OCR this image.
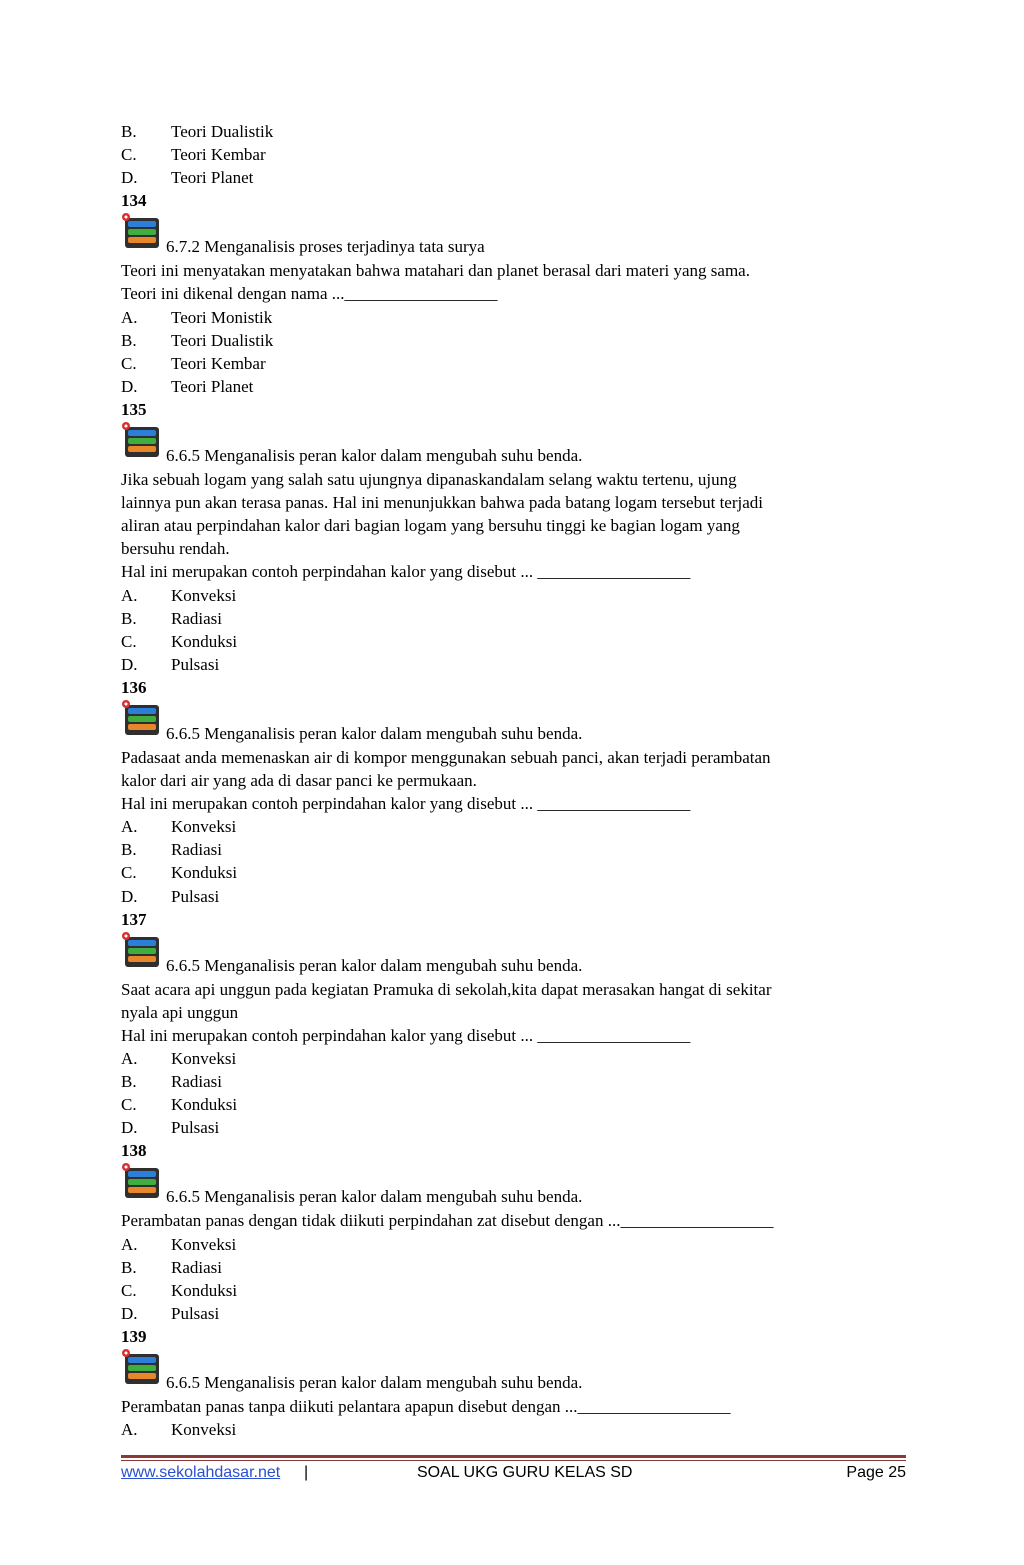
B.	Teori Dualistik
C.	Teori Kembar
D.	Teori Planet
134
6.7.2 Menganalisis proses terjadinya tata surya
Teori ini menyatakan menyatakan bahwa matahari dan planet berasal dari materi yang sama.
Teori ini dikenal dengan nama ...__________________
A.	Teori Monistik
B.	Teori Dualistik
C.	Teori Kembar
D.	Teori Planet
135
6.6.5 Menganalisis peran kalor dalam mengubah suhu benda.
Jika sebuah logam yang salah satu ujungnya dipanaskandalam selang waktu tertenu, ujung
lainnya pun akan terasa panas. Hal ini menunjukkan bahwa pada batang logam tersebut terjadi
aliran atau perpindahan kalor dari bagian logam yang bersuhu tinggi ke bagian logam yang
bersuhu rendah.
Hal ini merupakan contoh perpindahan kalor yang disebut ... __________________
A.	Konveksi
B.	Radiasi
C.	Konduksi
D.	Pulsasi
136
6.6.5 Menganalisis peran kalor dalam mengubah suhu benda.
Padasaat anda memenaskan air di kompor menggunakan sebuah panci, akan terjadi perambatan
kalor dari air yang ada di dasar panci ke permukaan.
Hal ini merupakan contoh perpindahan kalor yang disebut ... __________________
A.	Konveksi
B.	Radiasi
C.	Konduksi
D.	Pulsasi
137
6.6.5 Menganalisis peran kalor dalam mengubah suhu benda.
Saat acara api unggun pada kegiatan Pramuka di sekolah,kita dapat merasakan hangat di sekitar
nyala api unggun
Hal ini merupakan contoh perpindahan kalor yang disebut ... __________________
A.	Konveksi
B.	Radiasi
C.	Konduksi
D.	Pulsasi
138
6.6.5 Menganalisis peran kalor dalam mengubah suhu benda.
Perambatan panas dengan tidak diikuti perpindahan zat disebut dengan ...__________________
A.	Konveksi
B.	Radiasi
C.	Konduksi
D.	Pulsasi
139
6.6.5 Menganalisis peran kalor dalam mengubah suhu benda.
Perambatan panas tanpa diikuti pelantara apapun disebut dengan ...__________________
A.	Konveksi
www.sekolahdasar.net |	SOAL UKG GURU KELAS SD	Page 25
